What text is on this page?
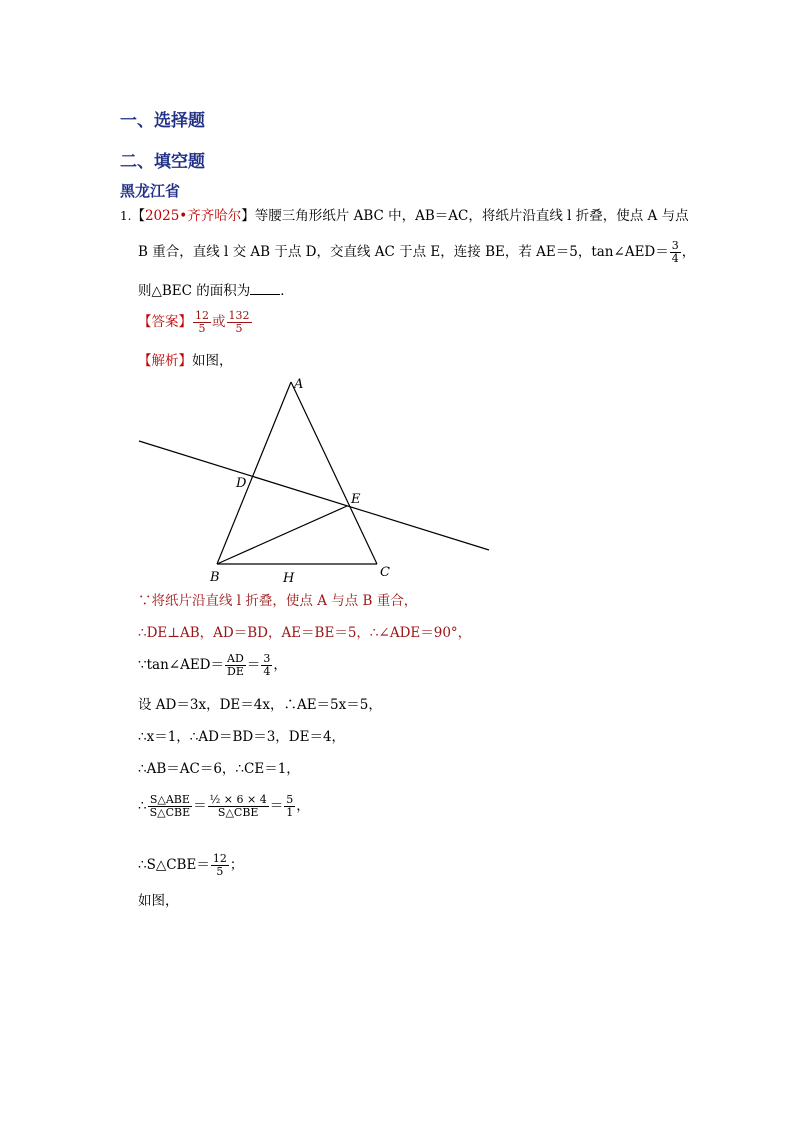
一、选择题
二、填空题
黑龙江省
1.【2025•齐齐哈尔】等腰三角形纸片 ABC 中，AB＝AC，将纸片沿直线 l 折叠，使点 A 与点
B 重合，直线 l 交 AB 于点 D，交直线 AC 于点 E，连接 BE，若 AE＝5，tan∠AED＝ $\frac{3}{4}$ ，
则△BEC 的面积为 ．
【答案】 $\frac{12}{5}$ 或 $\frac{132}{5}$
【解析】如图，
A
B	C
D
E
H
∵将纸片沿直线 l 折叠，使点 A 与点 B 重合，
∴DE⊥AB，AD＝BD，AE＝BE＝5，∴∠ADE＝90°，
∵tan∠AED＝ $\frac{AD}{DE} = \frac{3}{4}$ ，
设 AD＝3x，DE＝4x，∴AE＝5x＝5，
∴x＝1，∴AD＝BD＝3，DE＝4，
∴AB＝AC＝6，∴CE＝1，
∴ $\frac{\text{S△ABE}}{\text{S△CBE}} = \frac{\text{½ × 6 × 4}}{\text{S△CBE}} = \frac{5}{1}$ ，
∴S△CBE＝ $\frac{12}{5}$ ；
如图，
